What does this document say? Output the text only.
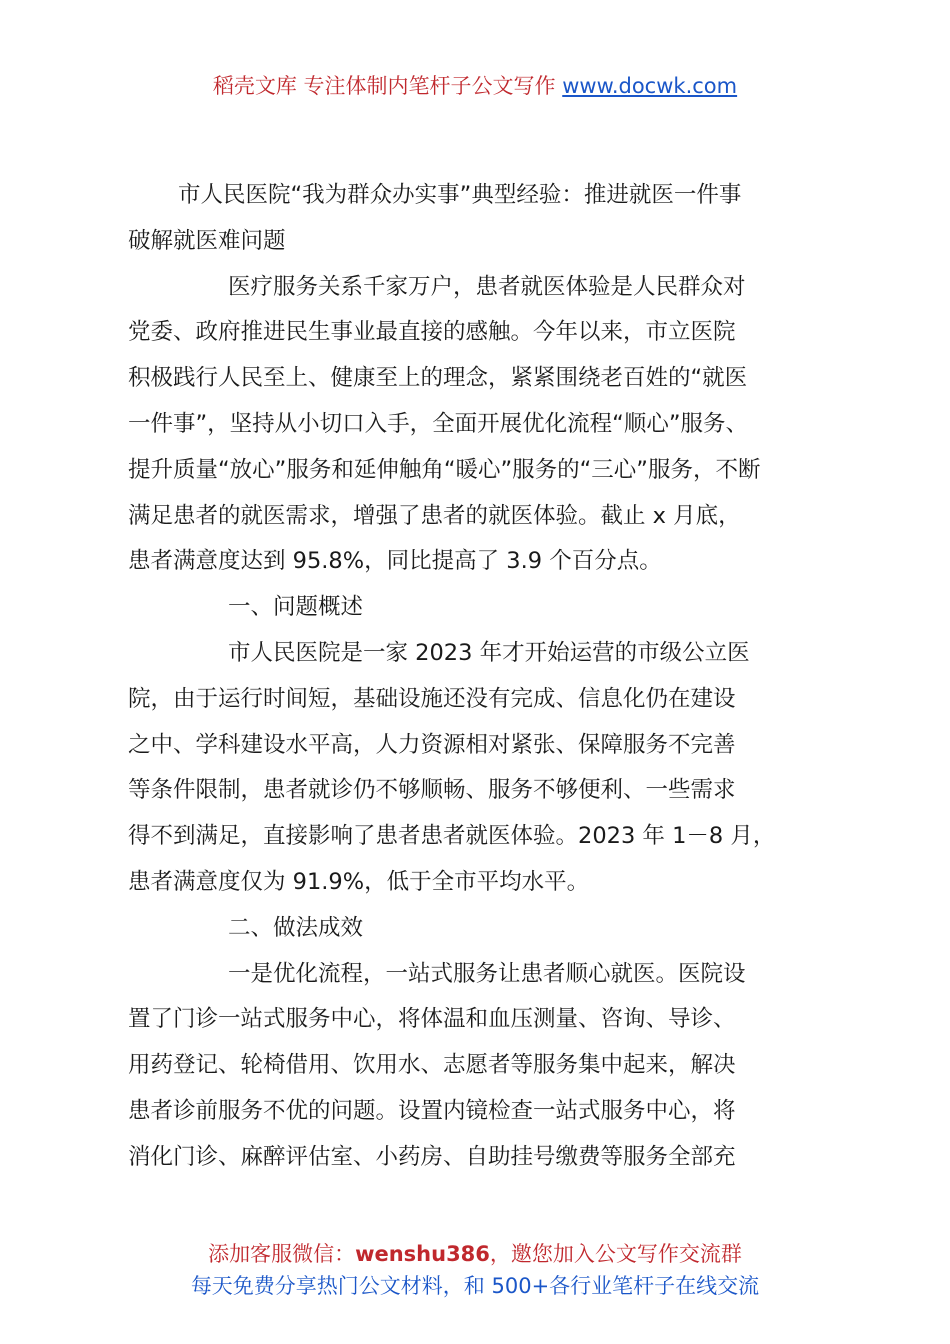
稻壳文库 专注体制内笔杆子公文写作 www.docwk.com
市人民医院“我为群众办实事”典型经验：推进就医一件事
破解就医难问题
医疗服务关系千家万户，患者就医体验是人民群众对
党委、政府推进民生事业最直接的感触。今年以来，市立医院
积极践行人民至上、健康至上的理念，紧紧围绕老百姓的“就医
一件事”，坚持从小切口入手，全面开展优化流程“顺心”服务、
提升质量“放心”服务和延伸触角“暖心”服务的“三心”服务，不断
满足患者的就医需求，增强了患者的就医体验。截止 x 月底，
患者满意度达到 95.8%，同比提高了 3.9 个百分点。
一、问题概述
市人民医院是一家 2023 年才开始运营的市级公立医
院，由于运行时间短，基础设施还没有完成、信息化仍在建设
之中、学科建设水平高，人力资源相对紧张、保障服务不完善
等条件限制，患者就诊仍不够顺畅、服务不够便利、一些需求
得不到满足，直接影响了患者患者就医体验。2023 年 1－8 月，
患者满意度仅为 91.9%，低于全市平均水平。
二、做法成效
一是优化流程，一站式服务让患者顺心就医。医院设
置了门诊一站式服务中心，将体温和血压测量、咨询、导诊、
用药登记、轮椅借用、饮用水、志愿者等服务集中起来，解决
患者诊前服务不优的问题。设置内镜检查一站式服务中心，将
消化门诊、麻醉评估室、小药房、自助挂号缴费等服务全部充
添加客服微信：wenshu386，邀您加入公文写作交流群
每天免费分享热门公文材料，和 500+各行业笔杆子在线交流
